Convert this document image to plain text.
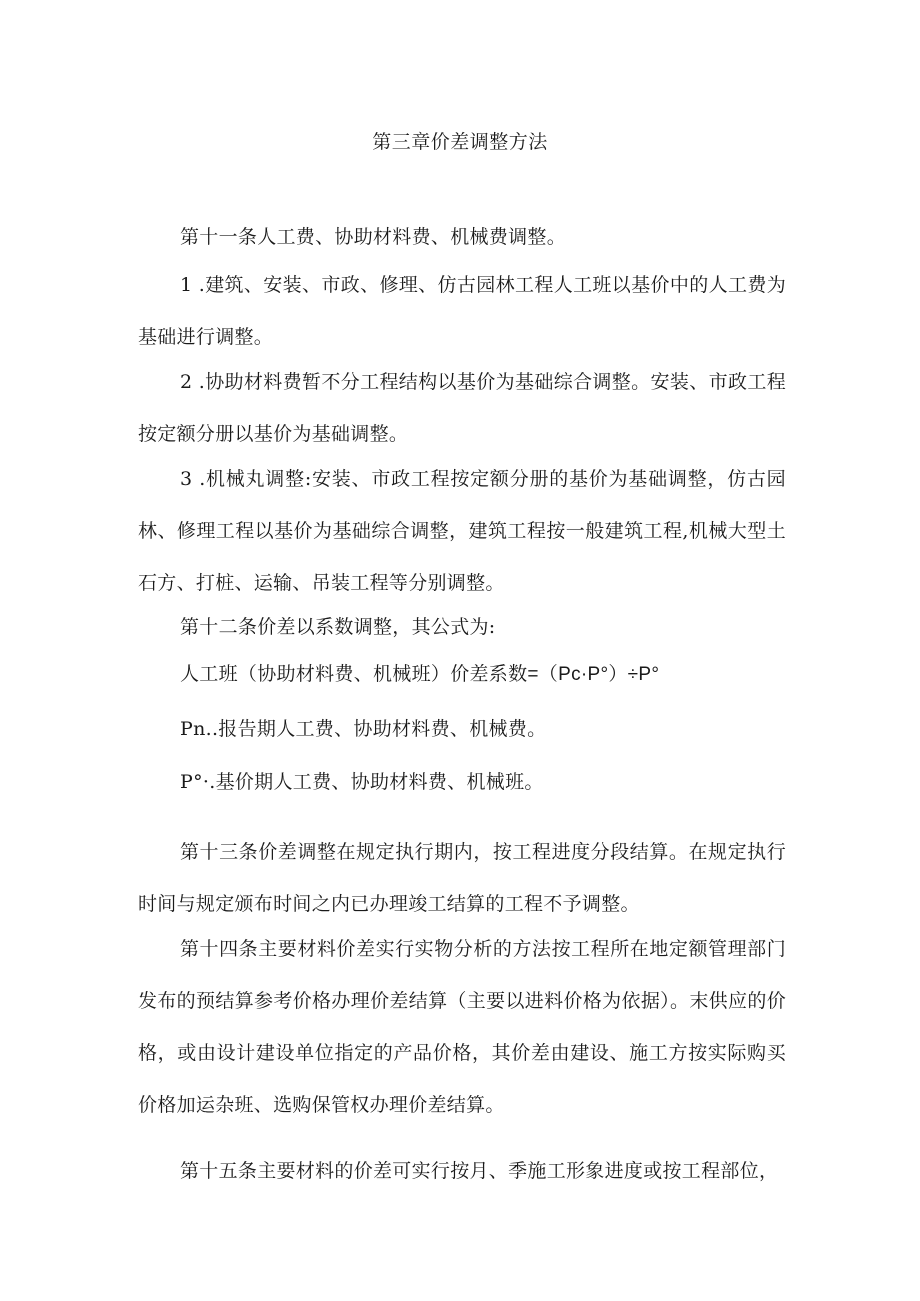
第三章价差调整方法

第十一条人工费、协助材料费、机械费调整。

1 .建筑、安装、市政、修理、仿古园林工程人工班以基价中的人工费为基础进行调整。

2 .协助材料费暂不分工程结构以基价为基础综合调整。安装、市政工程按定额分册以基价为基础调整。

3 .机械丸调整:安装、市政工程按定额分册的基价为基础调整，仿古园林、修理工程以基价为基础综合调整，建筑工程按一般建筑工程,机械大型土石方、打桩、运输、吊装工程等分别调整。

第十二条价差以系数调整，其公式为:

人工班（协助材料费、机械班）价差系数=（Pc·P°）÷P°

Pn..报告期人工费、协助材料费、机械费。

P°·.基价期人工费、协助材料费、机械班。

第十三条价差调整在规定执行期内，按工程进度分段结算。在规定执行时间与规定颁布时间之内已办理竣工结算的工程不予调整。

第十四条主要材料价差实行实物分析的方法按工程所在地定额管理部门发布的预结算参考价格办理价差结算（主要以进料价格为依据）。末供应的价格，或由设计建设单位指定的产品价格，其价差由建设、施工方按实际购买价格加运杂班、选购保管权办理价差结算。

第十五条主要材料的价差可实行按月、季施工形象进度或按工程部位，
